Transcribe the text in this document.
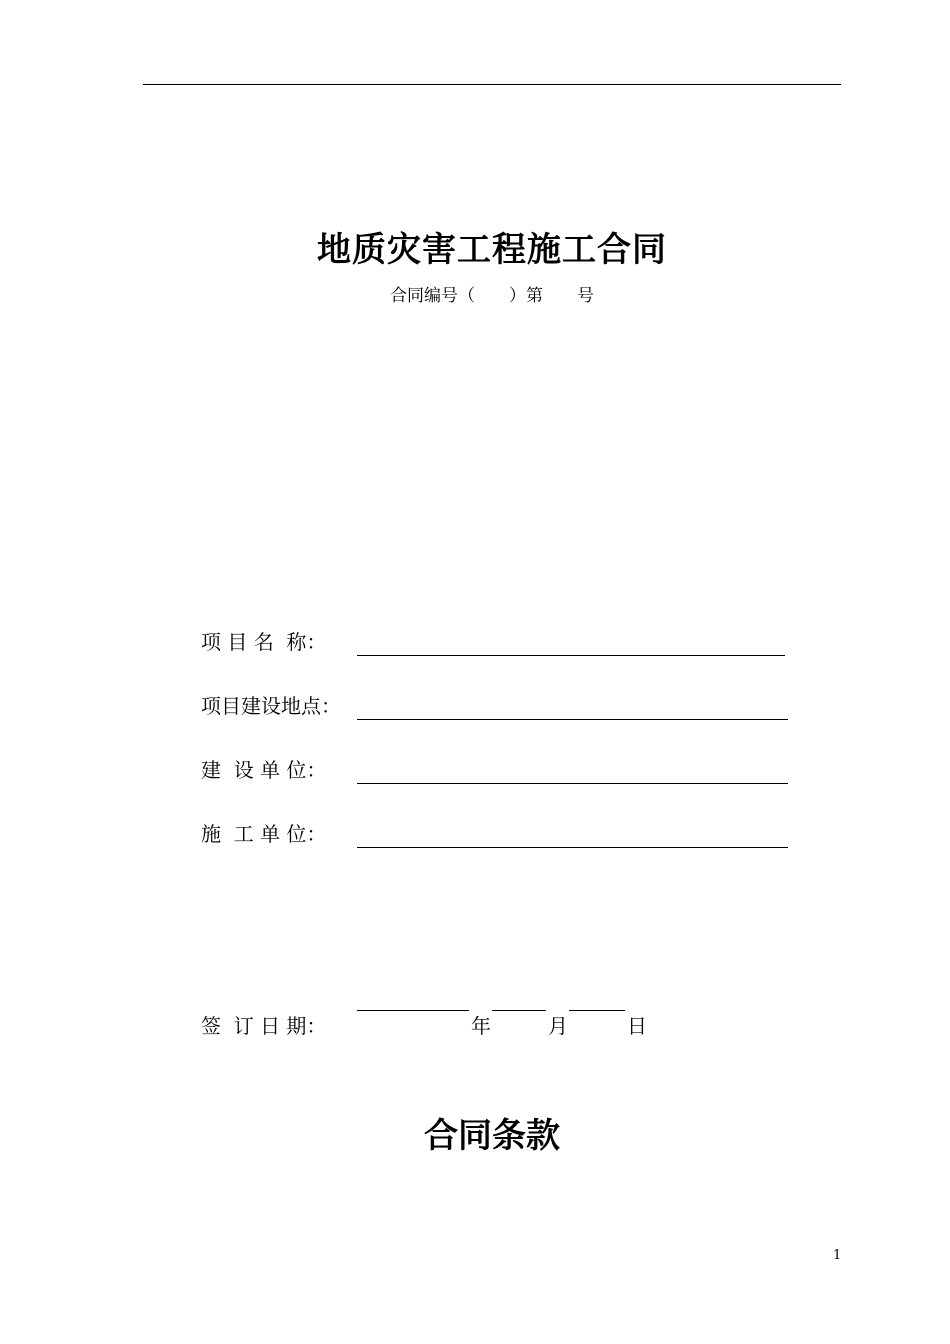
地质灾害工程施工合同
合同编号（　　）第　　号
项 目 名  称：
项目建设地点：
建  设 单 位：
施  工 单 位：
签  订 日 期：	年	月	日
合同条款
1
